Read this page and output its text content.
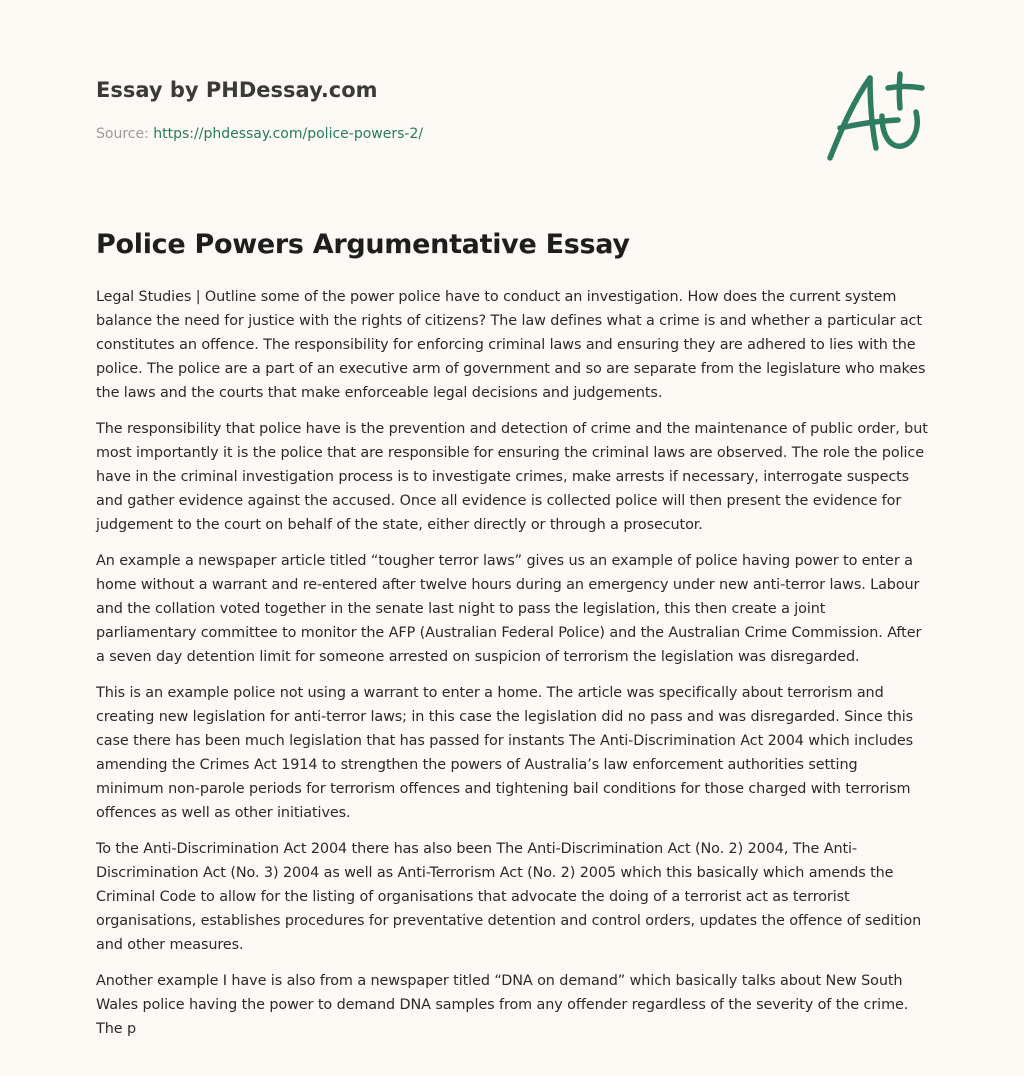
Essay by PHDessay.com
Source: https://phdessay.com/police-powers-2/
Police Powers Argumentative Essay

Legal Studies | Outline some of the power police have to conduct an investigation. How does the current system balance the need for justice with the rights of citizens? The law defines what a crime is and whether a particular act constitutes an offence. The responsibility for enforcing criminal laws and ensuring they are adhered to lies with the police. The police are a part of an executive arm of government and so are separate from the legislature who makes the laws and the courts that make enforceable legal decisions and judgements.

The responsibility that police have is the prevention and detection of crime and the maintenance of public order, but most importantly it is the police that are responsible for ensuring the criminal laws are observed. The role the police have in the criminal investigation process is to investigate crimes, make arrests if necessary, interrogate suspects and gather evidence against the accused. Once all evidence is collected police will then present the evidence for judgement to the court on behalf of the state, either directly or through a prosecutor.

An example a newspaper article titled “tougher terror laws” gives us an example of police having power to enter a home without a warrant and re-entered after twelve hours during an emergency under new anti-terror laws. Labour and the collation voted together in the senate last night to pass the legislation, this then create a joint parliamentary committee to monitor the AFP (Australian Federal Police) and the Australian Crime Commission. After a seven day detention limit for someone arrested on suspicion of terrorism the legislation was disregarded.

This is an example police not using a warrant to enter a home. The article was specifically about terrorism and creating new legislation for anti-terror laws; in this case the legislation did no pass and was disregarded. Since this case there has been much legislation that has passed for instants The Anti-Discrimination Act 2004 which includes amending the Crimes Act 1914 to strengthen the powers of Australia’s law enforcement authorities setting minimum non-parole periods for terrorism offences and tightening bail conditions for those charged with terrorism offences as well as other initiatives.

To the Anti-Discrimination Act 2004 there has also been The Anti-Discrimination Act (No. 2) 2004, The Anti-Discrimination Act (No. 3) 2004 as well as Anti-Terrorism Act (No. 2) 2005 which this basically which amends the Criminal Code to allow for the listing of organisations that advocate the doing of a terrorist act as terrorist organisations, establishes procedures for preventative detention and control orders, updates the offence of sedition and other measures.

Another example I have is also from a newspaper titled “DNA on demand” which basically talks about New South Wales police having the power to demand DNA samples from any offender regardless of the severity of the crime. The p
